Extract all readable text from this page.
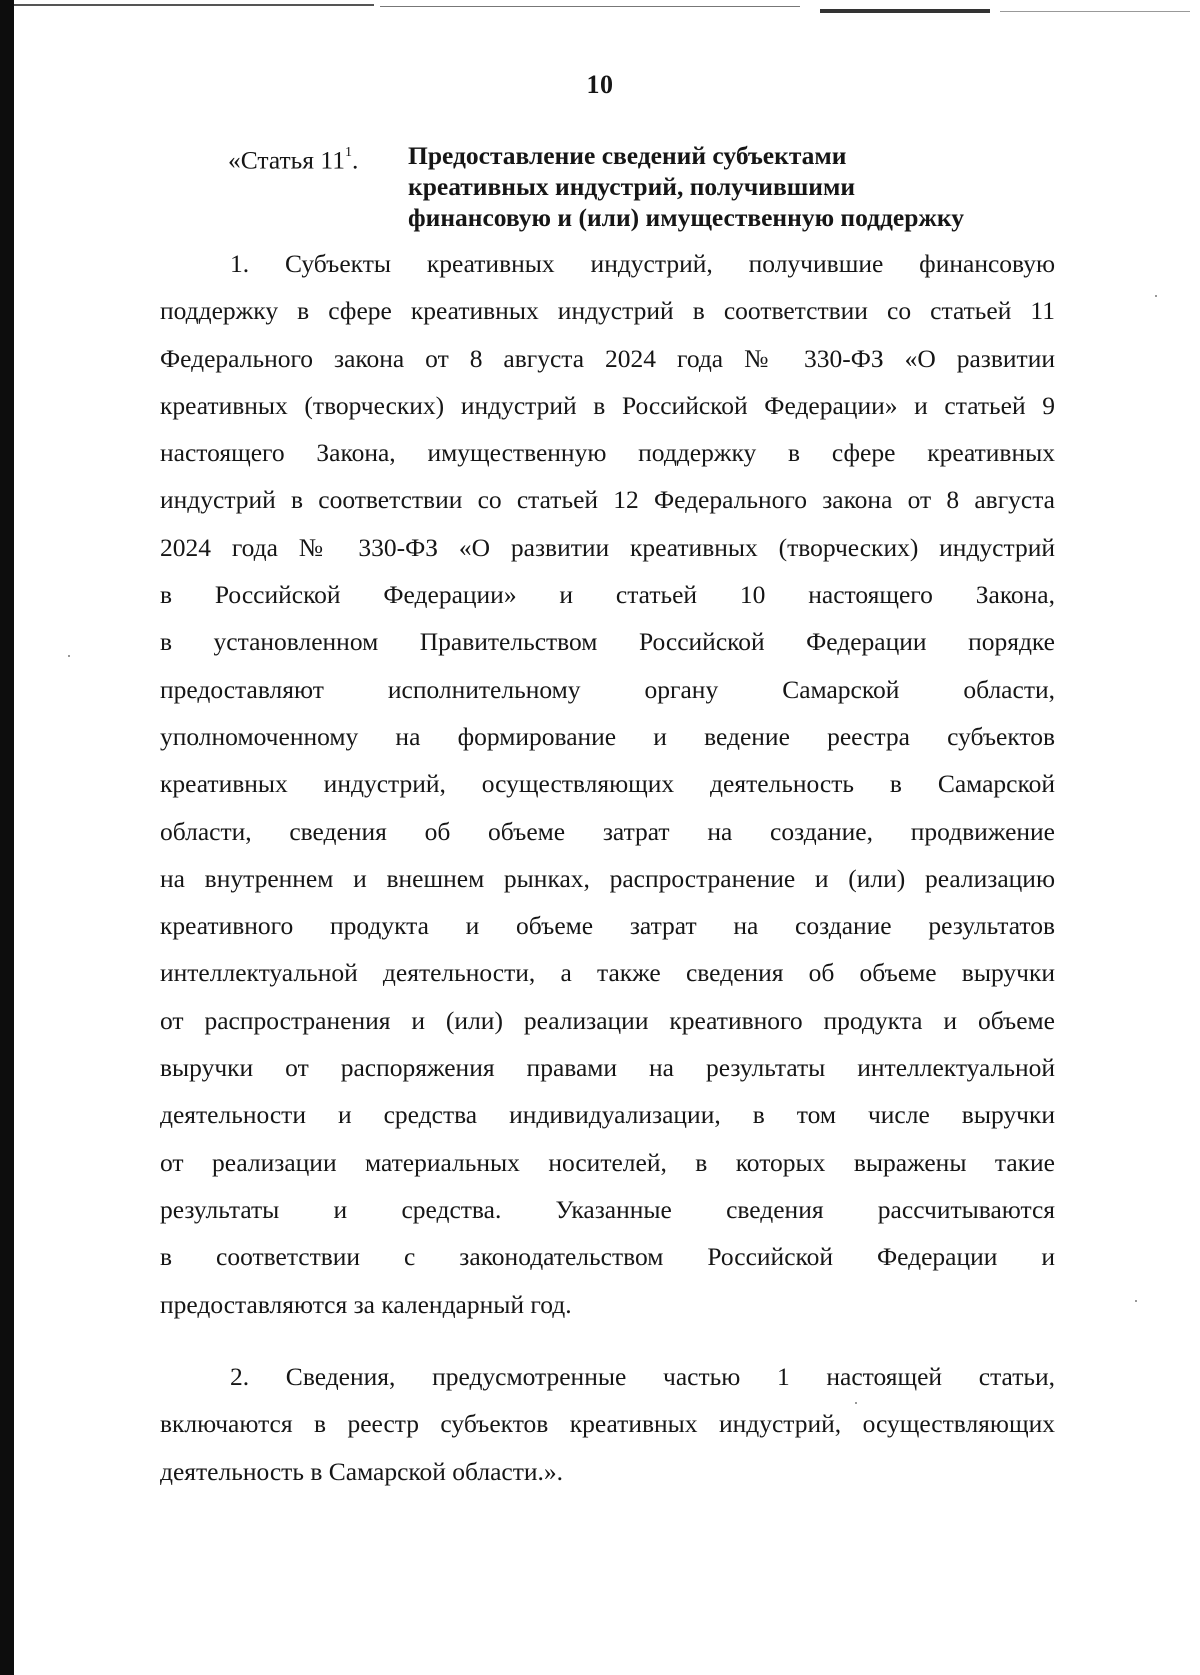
10
«Статья $11^1$.	Предоставление сведений субъектами
креативных индустрий, получившими
финансовую и (или) имущественную поддержку
1. Субъекты креативных индустрий, получившие финансовую
поддержку в сфере креативных индустрий в соответствии со статьей 11
Федерального закона от 8 августа 2024 года № 330-ФЗ «О развитии
креативных (творческих) индустрий в Российской Федерации» и статьей 9
настоящего Закона, имущественную поддержку в сфере креативных
индустрий в соответствии со статьей 12 Федерального закона от 8 августа
2024 года № 330-ФЗ «О развитии креативных (творческих) индустрий
в Российской Федерации» и статьей 10 настоящего Закона,
в установленном Правительством Российской Федерации порядке
предоставляют исполнительному органу Самарской области,
уполномоченному на формирование и ведение реестра субъектов
креативных индустрий, осуществляющих деятельность в Самарской
области, сведения об объеме затрат на создание, продвижение
на внутреннем и внешнем рынках, распространение и (или) реализацию
креативного продукта и объеме затрат на создание результатов
интеллектуальной деятельности, а также сведения об объеме выручки
от распространения и (или) реализации креативного продукта и объеме
выручки от распоряжения правами на результаты интеллектуальной
деятельности и средства индивидуализации, в том числе выручки
от реализации материальных носителей, в которых выражены такие
результаты и средства. Указанные сведения рассчитываются
в соответствии с законодательством Российской Федерации и
предоставляются за календарный год.
2. Сведения, предусмотренные частью 1 настоящей статьи,
включаются в реестр субъектов креативных индустрий, осуществляющих
деятельность в Самарской области.».
